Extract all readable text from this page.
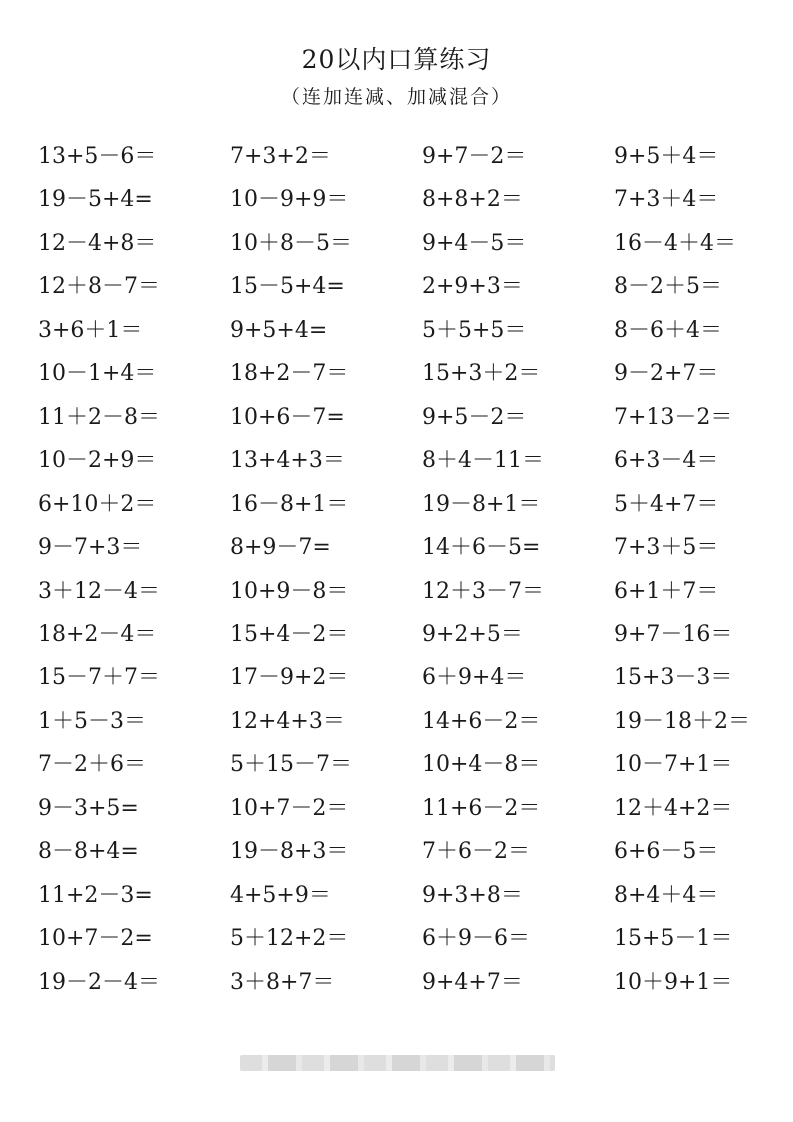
20以内口算练习
（连加连减、加减混合）
13+5－6＝
19－5+4=
12－4+8＝
12＋8－7＝
3+6＋1＝
10－1+4＝
11＋2－8＝
10－2+9＝
6+10＋2＝
9－7+3＝
3＋12－4＝
18+2－4＝
15－7＋7＝
1＋5－3＝
7－2＋6＝
9－3+5=
8－8+4=
11+2－3=
10+7－2=
19－2－4＝
7+3+2＝
10－9+9＝
10＋8－5＝
15－5+4=
9+5+4=
18+2－7＝
10+6－7=
13+4+3＝
16－8+1＝
8+9－7=
10+9－8＝
15+4－2＝
17－9+2＝
12+4+3＝
5＋15－7＝
10+7－2＝
19－8+3＝
4+5+9＝
5＋12+2＝
3＋8+7＝
9+7－2＝
8+8+2＝
9+4－5＝
2+9+3＝
5＋5+5＝
15+3＋2＝
9+5－2＝
8＋4－11＝
19－8+1＝
14＋6－5=
12＋3－7＝
9+2+5＝
6＋9+4＝
14+6－2＝
10+4－8＝
11+6－2＝
7＋6－2＝
9+3+8＝
6＋9－6＝
9+4+7＝
9+5＋4＝
7+3＋4＝
16－4＋4＝
8－2＋5＝
8－6＋4＝
9－2+7＝
7+13－2＝
6+3－4＝
5＋4+7＝
7+3＋5＝
6+1＋7＝
9+7－16＝
15+3－3＝
19－18＋2＝
10－7+1＝
12＋4+2＝
6+6－5＝
8+4＋4＝
15+5－1＝
10＋9+1＝
